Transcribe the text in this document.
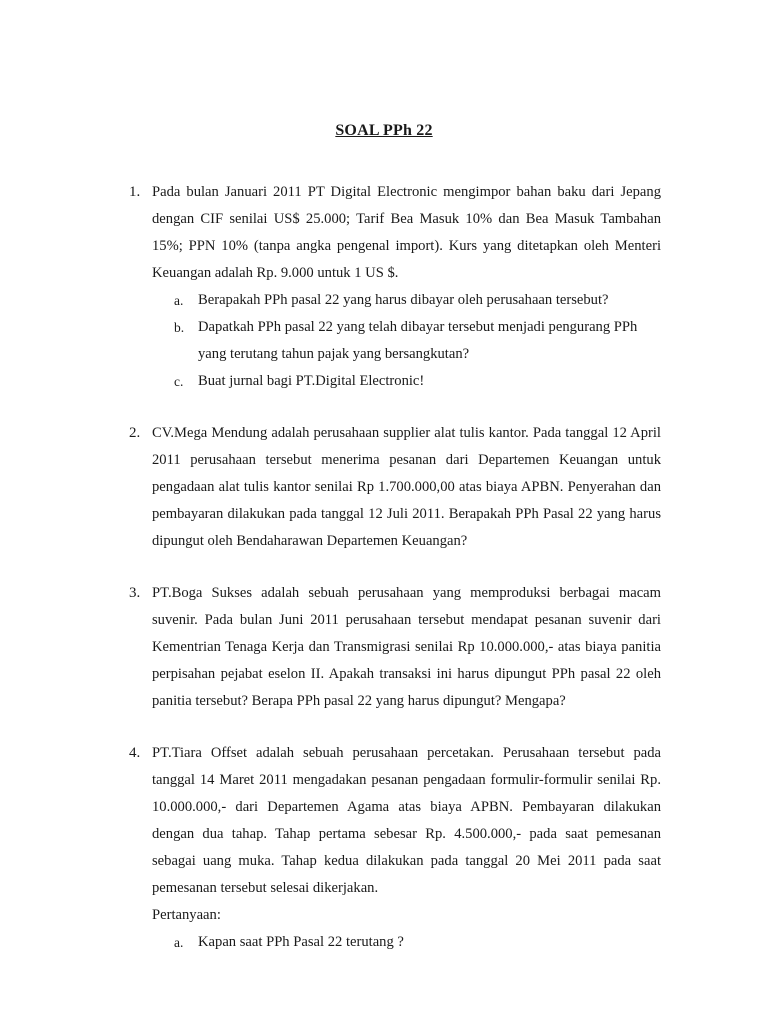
SOAL PPh 22
1. Pada bulan Januari 2011 PT Digital Electronic mengimpor bahan baku dari Jepang dengan CIF senilai US$ 25.000; Tarif Bea Masuk 10% dan Bea Masuk Tambahan 15%; PPN 10% (tanpa angka pengenal import). Kurs yang ditetapkan oleh Menteri Keuangan adalah Rp. 9.000 untuk 1 US $.
a. Berapakah PPh pasal 22 yang harus dibayar oleh perusahaan tersebut?
b. Dapatkah PPh pasal 22 yang telah dibayar tersebut menjadi pengurang PPh yang terutang tahun pajak yang bersangkutan?
c. Buat jurnal bagi PT.Digital Electronic!
2. CV.Mega Mendung adalah perusahaan supplier alat tulis kantor. Pada tanggal 12 April 2011 perusahaan tersebut menerima pesanan dari Departemen Keuangan untuk pengadaan alat tulis kantor senilai Rp 1.700.000,00 atas biaya APBN. Penyerahan dan pembayaran dilakukan pada tanggal 12 Juli 2011. Berapakah PPh Pasal 22 yang harus dipungut oleh Bendaharawan Departemen Keuangan?
3. PT.Boga Sukses adalah sebuah perusahaan yang memproduksi berbagai macam suvenir. Pada bulan Juni 2011 perusahaan tersebut mendapat pesanan suvenir dari Kementrian Tenaga Kerja dan Transmigrasi senilai Rp 10.000.000,- atas biaya panitia perpisahan pejabat eselon II. Apakah transaksi ini harus dipungut PPh pasal 22 oleh panitia tersebut? Berapa PPh pasal 22 yang harus dipungut? Mengapa?
4. PT.Tiara Offset adalah sebuah perusahaan percetakan. Perusahaan tersebut pada tanggal 14 Maret 2011 mengadakan pesanan pengadaan formulir-formulir senilai Rp. 10.000.000,- dari Departemen Agama atas biaya APBN. Pembayaran dilakukan dengan dua tahap. Tahap pertama sebesar Rp. 4.500.000,- pada saat pemesanan sebagai uang muka. Tahap kedua dilakukan pada tanggal 20 Mei 2011 pada saat pemesanan tersebut selesai dikerjakan.
Pertanyaan:
a. Kapan saat PPh Pasal 22 terutang ?
